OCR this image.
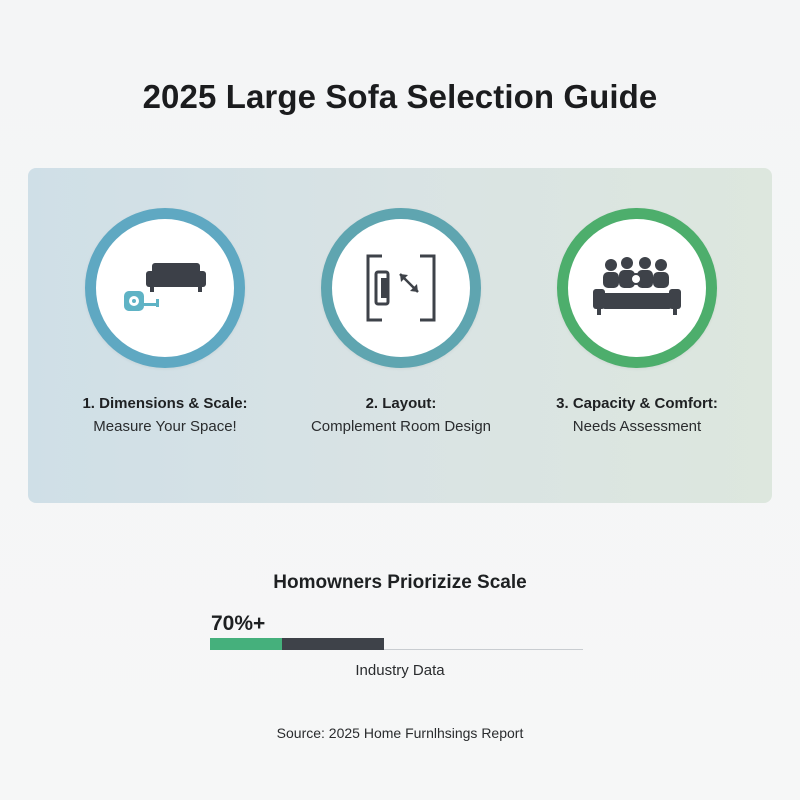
2025 Large Sofa Selection Guide
1. Dimensions & Scale:
Measure Your Space!
2. Layout:
Complement Room Design
3. Capacity & Comfort:
Needs Assessment
Homowners Priorizize Scale
70%+
Industry Data
Source: 2025 Home Furnlhsings Report
